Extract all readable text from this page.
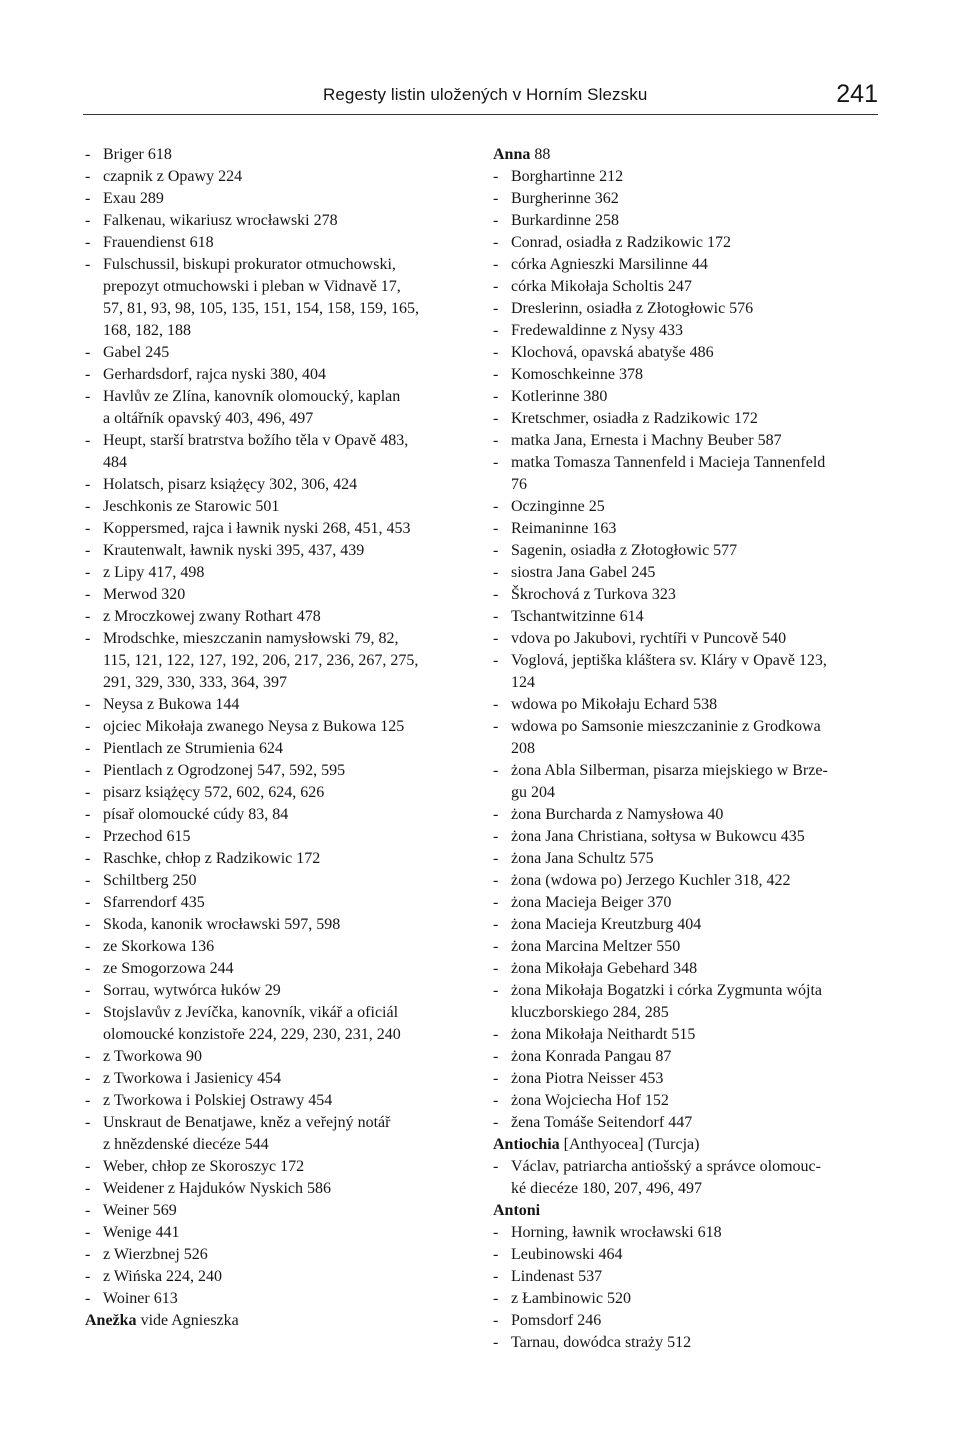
Regesty listin uložených v Horním Slezsku	241
- Briger 618
- czapnik z Opawy 224
- Exau 289
- Falkenau, wikariusz wrocławski 278
- Frauendienst 618
- Fulschussil, biskupi prokurator otmuchowski,
prepozyt otmuchowski i pleban w Vidnavě 17,
57, 81, 93, 98, 105, 135, 151, 154, 158, 159, 165,
168, 182, 188
- Gabel 245
- Gerhardsdorf, rajca nyski 380, 404
- Havlův ze Zlína, kanovník olomoucký, kaplan
a oltářník opavský 403, 496, 497
- Heupt, starší bratrstva božího těla v Opavě 483,
484
- Holatsch, pisarz książęcy 302, 306, 424
- Jeschkonis ze Starowic 501
- Koppersmed, rajca i ławnik nyski 268, 451, 453
- Krautenwalt, ławnik nyski 395, 437, 439
- z Lipy 417, 498
- Merwod 320
- z Mroczkowej zwany Rothart 478
- Mrodschke, mieszczanin namysłowski 79, 82,
115, 121, 122, 127, 192, 206, 217, 236, 267, 275,
291, 329, 330, 333, 364, 397
- Neysa z Bukowa 144
- ojciec Mikołaja zwanego Neysa z Bukowa 125
- Pientlach ze Strumienia 624
- Pientlach z Ogrodzonej 547, 592, 595
- pisarz książęcy 572, 602, 624, 626
- písař olomoucké cúdy 83, 84
- Przechod 615
- Raschke, chłop z Radzikowic 172
- Schiltberg 250
- Sfarrendorf 435
- Skoda, kanonik wrocławski 597, 598
- ze Skorkowa 136
- ze Smogorzowa 244
- Sorrau, wytwórca łuków 29
- Stojslavův z Jevíčka, kanovník, vikář a oficiál
olomoucké konzistoře 224, 229, 230, 231, 240
- z Tworkowa 90
- z Tworkowa i Jasienicy 454
- z Tworkowa i Polskiej Ostrawy 454
- Unskraut de Benatjawe, kněz a veřejný notář
z hnězdenské diecéze 544
- Weber, chłop ze Skoroszyc 172
- Weidener z Hajduków Nyskich 586
- Weiner 569
- Wenige 441
- z Wierzbnej 526
- z Wińska 224, 240
- Woiner 613
Anežka vide Agnieszka
Anna 88
- Borghartinne 212
- Burgherinne 362
- Burkardinne 258
- Conrad, osiadła z Radzikowic 172
- córka Agnieszki Marsilinne 44
- córka Mikołaja Scholtis 247
- Dreslerinn, osiadła z Złotogłowic 576
- Fredewaldinne z Nysy 433
- Klochová, opavská abatyše 486
- Komoschkeinne 378
- Kotlerinne 380
- Kretschmer, osiadła z Radzikowic 172
- matka Jana, Ernesta i Machny Beuber 587
- matka Tomasza Tannenfeld i Macieja Tannenfeld
76
- Oczinginne 25
- Reimaninne 163
- Sagenin, osiadła z Złotogłowic 577
- siostra Jana Gabel 245
- Škrochová z Turkova 323
- Tschantwitzinne 614
- vdova po Jakubovi, rychtíři v Puncově 540
- Voglová, jeptiška kláštera sv. Kláry v Opavě 123,
124
- wdowa po Mikołaju Echard 538
- wdowa po Samsonie mieszczaninie z Grodkowa
208
- żona Abla Silberman, pisarza miejskiego w Brze-
gu 204
- żona Burcharda z Namysłowa 40
- żona Jana Christiana, sołtysa w Bukowcu 435
- żona Jana Schultz 575
- żona (wdowa po) Jerzego Kuchler 318, 422
- żona Macieja Beiger 370
- żona Macieja Kreutzburg 404
- żona Marcina Meltzer 550
- żona Mikołaja Gebehard 348
- żona Mikołaja Bogatzki i córka Zygmunta wójta
kluczborskiego 284, 285
- żona Mikołaja Neithardt 515
- żona Konrada Pangau 87
- żona Piotra Neisser 453
- żona Wojciecha Hof 152
- žena Tomáše Seitendorf 447
Antiochia [Anthyocea] (Turcja)
- Václav, patriarcha antiošský a správce olomouc-
ké diecéze 180, 207, 496, 497
Antoni
- Horning, ławnik wrocławski 618
- Leubinowski 464
- Lindenast 537
- z Łambinowic 520
- Pomsdorf 246
- Tarnau, dowódca straży 512
